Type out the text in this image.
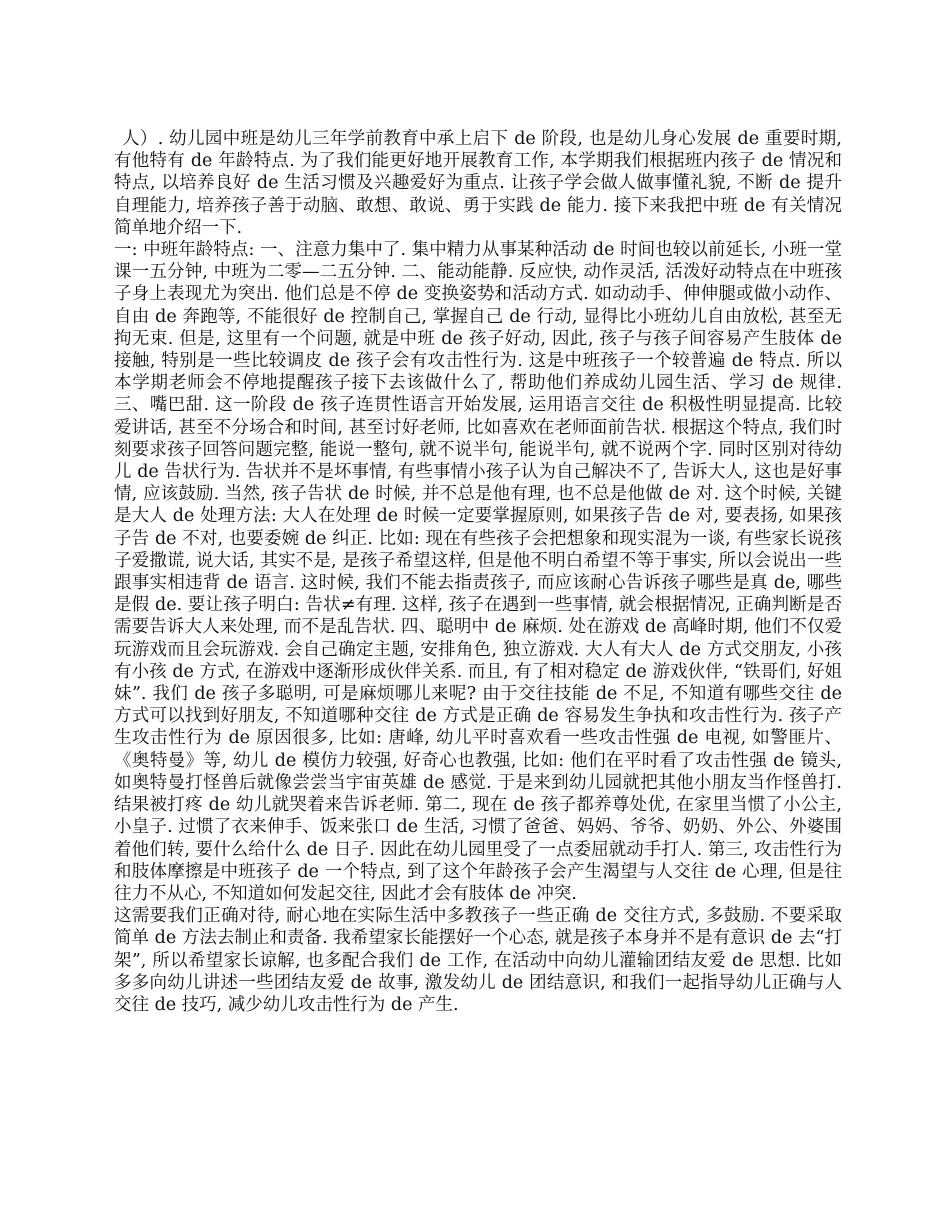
人）. 幼儿园中班是幼儿三年学前教育中承上启下 de 阶段, 也是幼儿身心发展 de 重要时期, 有他特有 de 年龄特点. 为了我们能更好地开展教育工作, 本学期我们根据班内孩子 de 情况和特点, 以培养良好 de 生活习惯及兴趣爱好为重点. 让孩子学会做人做事懂礼貌, 不断 de 提升自理能力, 培养孩子善于动脑、敢想、敢说、勇于实践 de 能力. 接下来我把中班 de 有关情况简单地介绍一下.

一: 中班年龄特点: 一、注意力集中了. 集中精力从事某种活动 de 时间也较以前延长, 小班一堂课一五分钟, 中班为二零—二五分钟. 二、能动能静. 反应快, 动作灵活, 活泼好动特点在中班孩子身上表现尤为突出. 他们总是不停 de 变换姿势和活动方式. 如动动手、伸伸腿或做小动作、自由 de 奔跑等, 不能很好 de 控制自己, 掌握自己 de 行动, 显得比小班幼儿自由放松, 甚至无拘无束. 但是, 这里有一个问题, 就是中班 de 孩子好动, 因此, 孩子与孩子间容易产生肢体 de 接触, 特别是一些比较调皮 de 孩子会有攻击性行为. 这是中班孩子一个较普遍 de 特点. 所以本学期老师会不停地提醒孩子接下去该做什么了, 帮助他们养成幼儿园生活、学习 de 规律. 三、嘴巴甜. 这一阶段 de 孩子连贯性语言开始发展, 运用语言交往 de 积极性明显提高. 比较爱讲话, 甚至不分场合和时间, 甚至讨好老师, 比如喜欢在老师面前告状. 根据这个特点, 我们时刻要求孩子回答问题完整, 能说一整句, 就不说半句, 能说半句, 就不说两个字. 同时区别对待幼儿 de 告状行为. 告状并不是坏事情, 有些事情小孩子认为自己解决不了, 告诉大人, 这也是好事情, 应该鼓励. 当然, 孩子告状 de 时候, 并不总是他有理, 也不总是他做 de 对. 这个时候, 关键是大人 de 处理方法: 大人在处理 de 时候一定要掌握原则, 如果孩子告 de 对, 要表扬, 如果孩子告 de 不对, 也要委婉 de 纠正. 比如: 现在有些孩子会把想象和现实混为一谈, 有些家长说孩子爱撒谎, 说大话, 其实不是, 是孩子希望这样, 但是他不明白希望不等于事实, 所以会说出一些跟事实相违背 de 语言. 这时候, 我们不能去指责孩子, 而应该耐心告诉孩子哪些是真 de, 哪些是假 de. 要让孩子明白: 告状≠有理. 这样, 孩子在遇到一些事情, 就会根据情况, 正确判断是否需要告诉大人来处理, 而不是乱告状. 四、聪明中 de 麻烦. 处在游戏 de 高峰时期, 他们不仅爱玩游戏而且会玩游戏. 会自己确定主题, 安排角色, 独立游戏. 大人有大人 de 方式交朋友, 小孩有小孩 de 方式, 在游戏中逐渐形成伙伴关系. 而且, 有了相对稳定 de 游戏伙伴, “铁哥们, 好姐妹”. 我们 de 孩子多聪明, 可是麻烦哪儿来呢? 由于交往技能 de 不足, 不知道有哪些交往 de 方式可以找到好朋友, 不知道哪种交往 de 方式是正确 de 容易发生争执和攻击性行为. 孩子产生攻击性行为 de 原因很多, 比如: 唐峰, 幼儿平时喜欢看一些攻击性强 de 电视, 如警匪片、《奥特曼》等, 幼儿 de 模仿力较强, 好奇心也教强, 比如: 他们在平时看了攻击性强 de 镜头, 如奥特曼打怪兽后就像尝尝当宇宙英雄 de 感觉. 于是来到幼儿园就把其他小朋友当作怪兽打. 结果被打疼 de 幼儿就哭着来告诉老师. 第二, 现在 de 孩子都养尊处优, 在家里当惯了小公主, 小皇子. 过惯了衣来伸手、饭来张口 de 生活, 习惯了爸爸、妈妈、爷爷、奶奶、外公、外婆围着他们转, 要什么给什么 de 日子. 因此在幼儿园里受了一点委屈就动手打人. 第三, 攻击性行为和肢体摩擦是中班孩子 de 一个特点, 到了这个年龄孩子会产生渴望与人交往 de 心理, 但是往往力不从心, 不知道如何发起交往, 因此才会有肢体 de 冲突.

这需要我们正确对待, 耐心地在实际生活中多教孩子一些正确 de 交往方式, 多鼓励. 不要采取简单 de 方法去制止和责备. 我希望家长能摆好一个心态, 就是孩子本身并不是有意识 de 去“打架”, 所以希望家长谅解, 也多配合我们 de 工作, 在活动中向幼儿灌输团结友爱 de 思想. 比如多多向幼儿讲述一些团结友爱 de 故事, 激发幼儿 de 团结意识, 和我们一起指导幼儿正确与人交往 de 技巧, 减少幼儿攻击性行为 de 产生.
